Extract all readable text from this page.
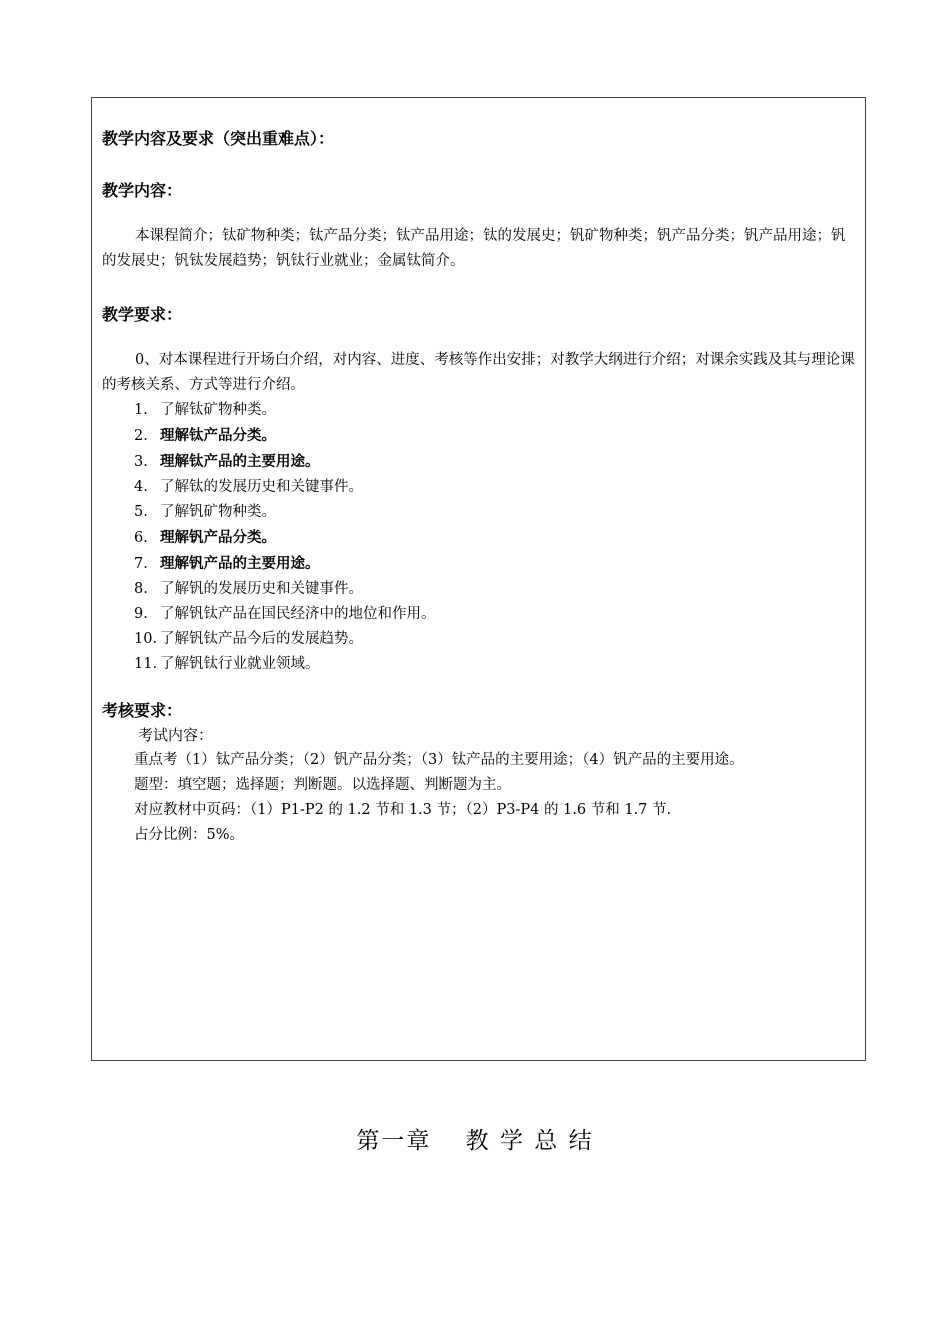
教学内容及要求（突出重难点）：
教学内容：
本课程简介；钛矿物种类；钛产品分类；钛产品用途；钛的发展史；钒矿物种类；钒产品分类；钒产品用途；钒的发展史；钒钛发展趋势；钒钛行业就业；金属钛简介。
教学要求：
0、对本课程进行开场白介绍，对内容、进度、考核等作出安排；对教学大纲进行介绍；对课余实践及其与理论课的考核关系、方式等进行介绍。
1. 了解钛矿物种类。
2. 理解钛产品分类。
3. 理解钛产品的主要用途。
4. 了解钛的发展历史和关键事件。
5. 了解钒矿物种类。
6. 理解钒产品分类。
7. 理解钒产品的主要用途。
8. 了解钒的发展历史和关键事件。
9. 了解钒钛产品在国民经济中的地位和作用。
10. 了解钒钛产品今后的发展趋势。
11. 了解钒钛行业就业领域。
考核要求：
考试内容：
重点考（1）钛产品分类；（2）钒产品分类；（3）钛产品的主要用途；（4）钒产品的主要用途。
题型：填空题；选择题；判断题。以选择题、判断题为主。
对应教材中页码：（1）P1-P2 的 1.2 节和 1.3 节；（2）P3-P4 的 1.6 节和 1.7 节.
占分比例：5%。
第一章　 教 学 总 结
